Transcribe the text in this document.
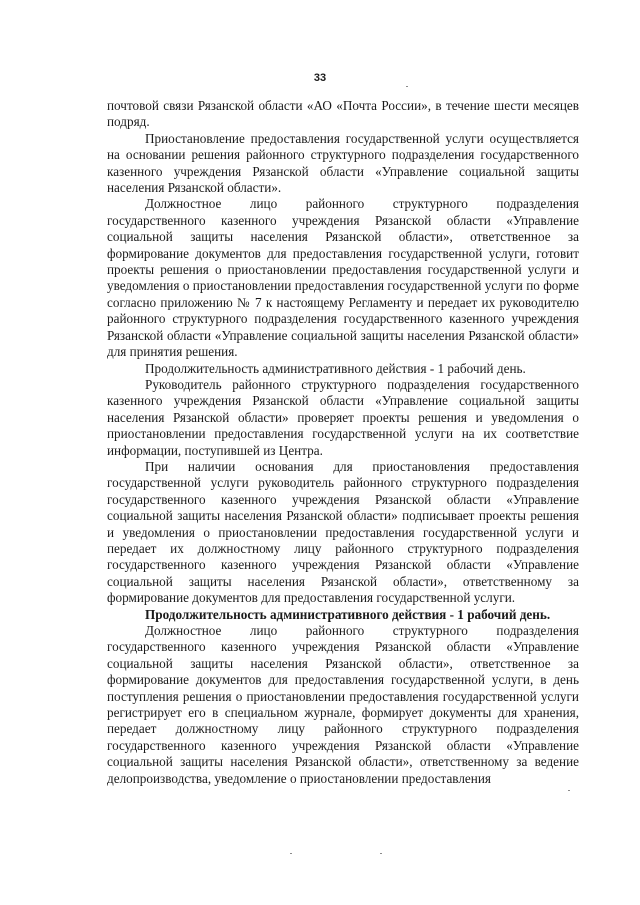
33

почтовой связи Рязанской области «АО «Почта России», в течение шести месяцев подряд.

Приостановление предоставления государственной услуги осуществляется на основании решения районного структурного подразделения государственного казенного учреждения Рязанской области «Управление социальной защиты населения Рязанской области».

Должностное лицо районного структурного подразделения государственного казенного учреждения Рязанской области «Управление социальной защиты населения Рязанской области», ответственное за формирование документов для предоставления государственной услуги, готовит проекты решения о приостановлении предоставления государственной услуги и уведомления о приостановлении предоставления государственной услуги по форме согласно приложению № 7 к настоящему Регламенту и передает их руководителю районного структурного подразделения государственного казенного учреждения Рязанской области «Управление социальной защиты населения Рязанской области» для принятия решения.

Продолжительность административного действия - 1 рабочий день.

Руководитель районного структурного подразделения государственного казенного учреждения Рязанской области «Управление социальной защиты населения Рязанской области» проверяет проекты решения и уведомления о приостановлении предоставления государственной услуги на их соответствие информации, поступившей из Центра.

При наличии основания для приостановления предоставления государственной услуги руководитель районного структурного подразделения государственного казенного учреждения Рязанской области «Управление социальной защиты населения Рязанской области» подписывает проекты решения и уведомления о приостановлении предоставления государственной услуги и передает их должностному лицу районного структурного подразделения государственного казенного учреждения Рязанской области «Управление социальной защиты населения Рязанской области», ответственному за формирование документов для предоставления государственной услуги.

Продолжительность административного действия - 1 рабочий день.

Должностное лицо районного структурного подразделения государственного казенного учреждения Рязанской области «Управление социальной защиты населения Рязанской области», ответственное за формирование документов для предоставления государственной услуги, в день поступления решения о приостановлении предоставления государственной услуги регистрирует его в специальном журнале, формирует документы для хранения, передает должностному лицу районного структурного подразделения государственного казенного учреждения Рязанской области «Управление социальной защиты населения Рязанской области», ответственному за ведение делопроизводства, уведомление о приостановлении предоставления
